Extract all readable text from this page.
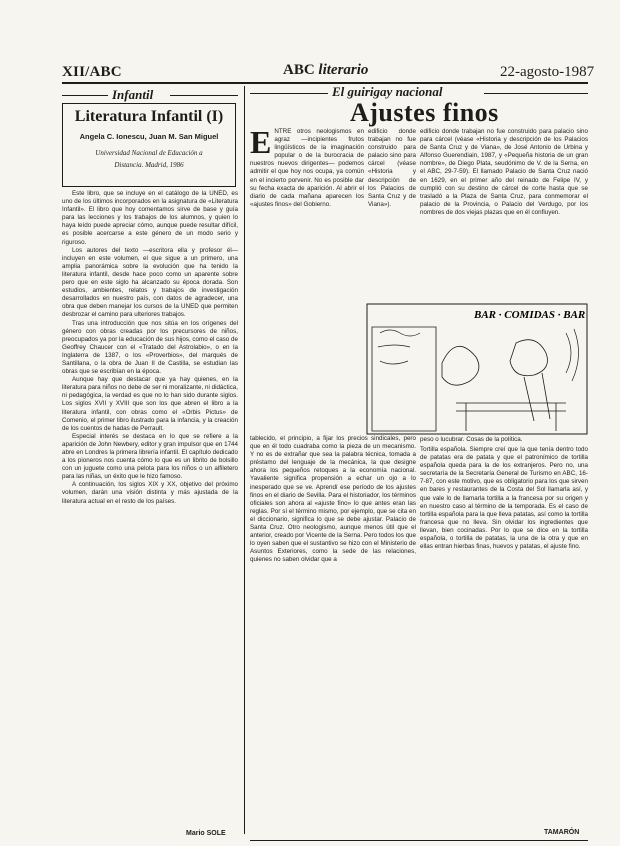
XII/ABC	ABC literario	22-agosto-1987
Infantil
Literatura Infantil (I)
Angela C. Ionescu, Juan M. San Miguel
Universidad Nacional de Educación a
Distancia. Madrid, 1986

Este libro, que se incluye en el catálogo de la UNED, es uno de los últimos incorporados en la asignatura de «Literatura Infantil». El libro que hoy comentamos sirve de base y guía para las lecciones y los trabajos de los alumnos, y quien lo haya leído puede apreciar cómo, aunque puede resultar difícil, es posible acercarse a este género de un modo serio y riguroso.

Los autores del texto —escritora ella y profesor él— incluyen en este volumen, el que sigue a un primero, una amplia panorámica sobre la evolución que ha tenido la literatura infantil, desde hace poco como un aparente sobre pero que en este siglo ha alcanzado su época dorada. Son estudios, ambientes, relatos y trabajos de investigación desarrollados en nuestro país, con datos de agradecer, una obra que deben manejar los cursos de la UNED que permiten desbrozar el camino para ulteriores trabajos.

Tras una introducción que nos sitúa en los orígenes del género con obras creadas por los precursores de niños, preocupados ya por la educación de sus hijos, como el caso de Geoffrey Chaucer con el «Tratado del Astrolabio», o en la Inglaterra de 1387, o los «Proverbios», del marqués de Santillana, o la obra de Juan II de Castilla, se estudian las obras que se escribían en la época.

Aunque hay que destacar que ya hay quienes, en la literatura para niños no debe de ser ni moralizante, ni didáctica, ni pedagógica, la verdad es que no lo han sido durante siglos. Los siglos XVII y XVIII que son los que abren el libro a la literatura infantil, con obras como el «Orbis Pictus» de Comenio, el primer libro ilustrado para la infancia, y la creación de los cuentos de hadas de Perrault.

Especial interés se destaca en lo que se refiere a la aparición de John Newbery, editor y gran impulsor que en 1744 abre en Londres la primera librería infantil. El capítulo dedicado a los pioneros nos cuenta cómo lo que es un librito de bolsillo con un juguete como una pelota para los niños o un alfiletero para las niñas, un éxito que le hizo famoso.

A continuación, los siglos XIX y XX, objetivo del próximo volumen, darán una visión distinta y más ajustada de la literatura actual en el resto de los países.

Mario SOLE
El guirigay nacional
Ajustes finos
E NTRE otros neologismos en agraz —incipientes frutos lingüísticos de la imaginación popular o de la burocracia de nuestros nuevos dirigentes— podemos admitir el que hoy nos ocupa, ya común en el incierto porvenir. No es posible dar su fecha exacta de aparición. Al abrir el diario de cada mañana aparecen los «ajustes finos» del Gobierno.
edificio donde trabajan no fue construido para palacio sino para cárcel (véase «Historia y descripción de los Palacios de Santa Cruz y de Viana»).
edificio donde trabajan no fue construido para palacio sino para cárcel (véase «Historia y descripción de los Palacios de Santa Cruz y de Viana», de José Antonio de Urbina y Alfonso Guerendiain, 1987, y «Pequeña historia de un gran nombre», de Diego Plata, seudónimo de V. de la Serna, en el ABC, 29-7-59). El llamado Palacio de Santa Cruz nació en 1629, en el primer año del reinado de Felipe IV, y cumplió con su destino de cárcel de corte hasta que se trasladó a la Plaza de Santa Cruz, para conmemorar el palacio de la Provincia, o Palacio del Verdugo, por los nombres de dos viejas plazas que en él confluyen.
BAR · COMIDAS · BAR
tablecido, el principio, a fijar los precios sindicales, pero que en él todo cuadraba como la pieza de un mecanismo. Y no es de extrañar que sea la palabra técnica, tomada a préstamo del lenguaje de la mecánica, la que designe ahora los pequeños retoques a la economía nacional. Yavaliente significa propensión a echar un ojo a lo inesperado que se ve. Aprendí ese período de los ajustes finos en el diario de Sevilla. Para el historiador, los términos oficiales son ahora al «ajuste fino» lo que antes eran las reglas. Por sí el término mismo, por ejemplo, que se cita en el diccionario, significa lo que se debe ajustar. Palacio de Santa Cruz. Otro neologismo, aunque menos útil que el anterior, creado por Vicente de la Serna. Pero todos los que lo oyen saben que el sustantivo se hizo con el Ministerio de Asuntos Exteriores, como la sede de las relaciones, quienes no saben olvidar que a
peso o lucubrar. Cosas de la política.

Tortilla española. Siempre creí que la que tenía dentro todo de patatas era de patata y que el patronímico de tortilla española queda para la de los extranjeros. Pero no, una secretaría de la Secretaría General de Turismo en ABC, 16-7-87, con este motivo, que es obligatorio para los que sirven en bares y restaurantes de la Costa del Sol llamarla así, y que vale lo de llamarla tortilla a la francesa por su origen y en nuestro caso al término de la temporada. Es el caso de tortilla española para la que lleva patatas, así como la tortilla francesa que no lleva. Sin olvidar los ingredientes que llevan, bien cocinadas. Por lo que se dice en la tortilla española, o tortilla de patatas, la una de la otra y que en ellas entran hierbas finas, huevos y patatas, el ajuste fino.

TAMARÓN
